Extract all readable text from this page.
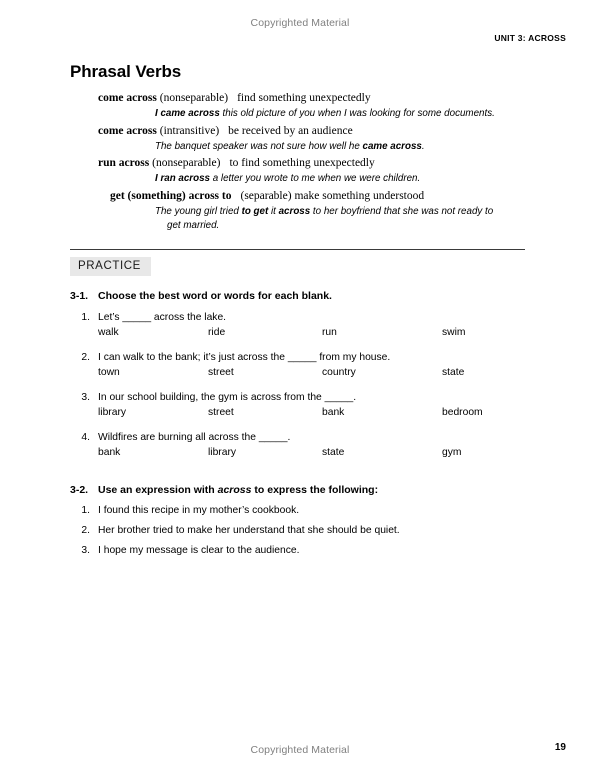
Copyrighted Material
UNIT 3: ACROSS
Phrasal Verbs
come across (nonseparable) find something unexpectedly
I came across this old picture of you when I was looking for some documents.
come across (intransitive) be received by an audience
The banquet speaker was not sure how well he came across.
run across (nonseparable) to find something unexpectedly
I ran across a letter you wrote to me when we were children.
get (something) across to (separable) make something understood
The young girl tried to get it across to her boyfriend that she was not ready to
get married.
PRACTICE
3-1. Choose the best word or words for each blank.
1. Let’s _____ across the lake.
walk	ride	run	swim
2. I can walk to the bank; it’s just across the _____ from my house.
town	street	country	state
3. In our school building, the gym is across from the _____.
library	street	bank	bedroom
4. Wildfires are burning all across the _____.
bank	library	state	gym
3-2. Use an expression with across to express the following:
1. I found this recipe in my mother’s cookbook.
2. Her brother tried to make her understand that she should be quiet.
3. I hope my message is clear to the audience.
Copyrighted Material	19
